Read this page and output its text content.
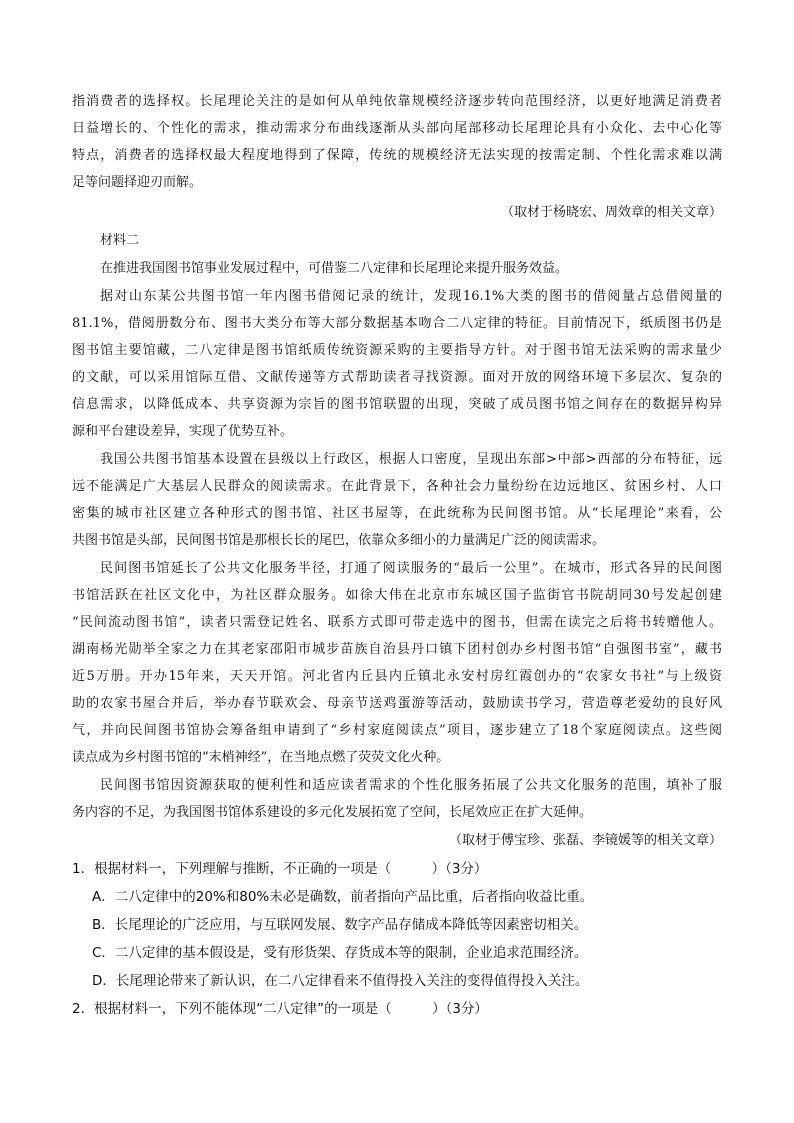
指消费者的选择权。长尾理论关注的是如何从单纯依靠规模经济逐步转向范围经济，以更好地满足消费者
日益增长的、个性化的需求，推动需求分布曲线逐渐从头部向尾部移动长尾理论具有小众化、去中心化等
特点，消费者的选择权最大程度地得到了保障，传统的规模经济无法实现的按需定制、个性化需求难以满
足等问题择迎刃而解。
（取材于杨晓宏、周效章的相关文章）
材料二
在推进我国图书馆事业发展过程中，可借鉴二八定律和长尾理论来提升服务效益。
据对山东某公共图书馆一年内图书借阅记录的统计，发现16.1%大类的图书的借阅量占总借阅量的
81.1%，借阅册数分布、图书大类分布等大部分数据基本吻合二八定律的特征。目前情况下，纸质图书仍是
图书馆主要馆藏，二八定律是图书馆纸质传统资源采购的主要指导方针。对于图书馆无法采购的需求量少
的文献，可以采用馆际互借、文献传递等方式帮助读者寻找资源。面对开放的网络环境下多层次、复杂的
信息需求，以降低成本、共享资源为宗旨的图书馆联盟的出现，突破了成员图书馆之间存在的数据异构异
源和平台建设差异，实现了优势互补。
我国公共图书馆基本设置在县级以上行政区，根据人口密度，呈现出东部>中部>西部的分布特征，远
远不能满足广大基层人民群众的阅读需求。在此背景下，各种社会力量纷纷在边远地区、贫困乡村、人口
密集的城市社区建立各种形式的图书馆、社区书屋等，在此统称为民间图书馆。从“长尾理论”来看，公
共图书馆是头部，民间图书馆是那根长长的尾巴，依靠众多细小的力量满足广泛的阅读需求。
民间图书馆延长了公共文化服务半径，打通了阅读服务的“最后一公里”。在城市，形式各异的民间图
书馆活跃在社区文化中，为社区群众服务。如徐大伟在北京市东城区国子监街官书院胡同30号发起创建
“民间流动图书馆”，读者只需登记姓名、联系方式即可带走选中的图书，但需在读完之后将书转赠他人。
湖南杨光勋举全家之力在其老家邵阳市城步苗族自治县丹口镇下团村创办乡村图书馆“自强图书室”，藏书
近5万册。开办15年来，天天开馆。河北省内丘县内丘镇北永安村房红霞创办的“农家女书社”与上级资
助的农家书屋合并后，举办春节联欢会、母亲节送鸡蛋游等活动，鼓励读书学习，营造尊老爱幼的良好风
气，并向民间图书馆协会筹备组申请到了“乡村家庭阅读点”项目，逐步建立了18个家庭阅读点。这些阅
读点成为乡村图书馆的“末梢神经”，在当地点燃了荧荧文化火种。
民间图书馆因资源获取的便利性和适应读者需求的个性化服务拓展了公共文化服务的范围，填补了服
务内容的不足，为我国图书馆体系建设的多元化发展拓宽了空间，长尾效应正在扩大延伸。
（取材于傅宝珍、张磊、李镜媛等的相关文章）
1．根据材料一，下列理解与推断，不正确的一项是（　　　）（3分）
A．二八定律中的20%和80%未必是确数，前者指向产品比重，后者指向收益比重。
B．长尾理论的广泛应用，与互联网发展、数字产品存储成本降低等因素密切相关。
C．二八定律的基本假设是，受有形货架、存货成本等的限制，企业追求范围经济。
D．长尾理论带来了新认识，在二八定律看来不值得投入关注的变得值得投入关注。
2．根据材料一，下列不能体现“二八定律”的一项是（　　　）（3分）
